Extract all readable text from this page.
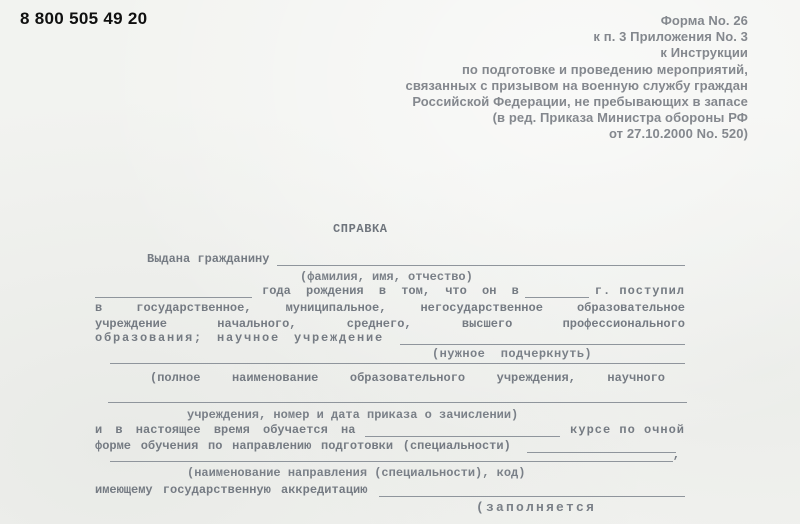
Форма No. 26
к п. 3 Приложения No. 3
к Инструкции
по подготовке и проведению мероприятий,
связанных с призывом на военную службу граждан
Российской Федерации, не пребывающих в запасе
(в ред. Приказа Министра обороны РФ
от 27.10.2000 No. 520)
СПРАВКА
Выдана гражданину
(фамилия, имя, отчество)
года рождения в том, что он в	г. поступил
в государственное, муниципальное, негосударственное образовательное
учреждение начального, среднего, высшего профессионального
образования; научное учреждение
(нужное подчеркнуть)
(полное наименование образовательного учреждения, научного
учреждения, номер и дата приказа о зачислении)
и в настоящее время обучается на	курсе по очной
форме обучения по направлению подготовки (специальности)
,
(наименование направления (специальности), код)
имеющему государственную аккредитацию
(заполняется
8 800 505 49 20
